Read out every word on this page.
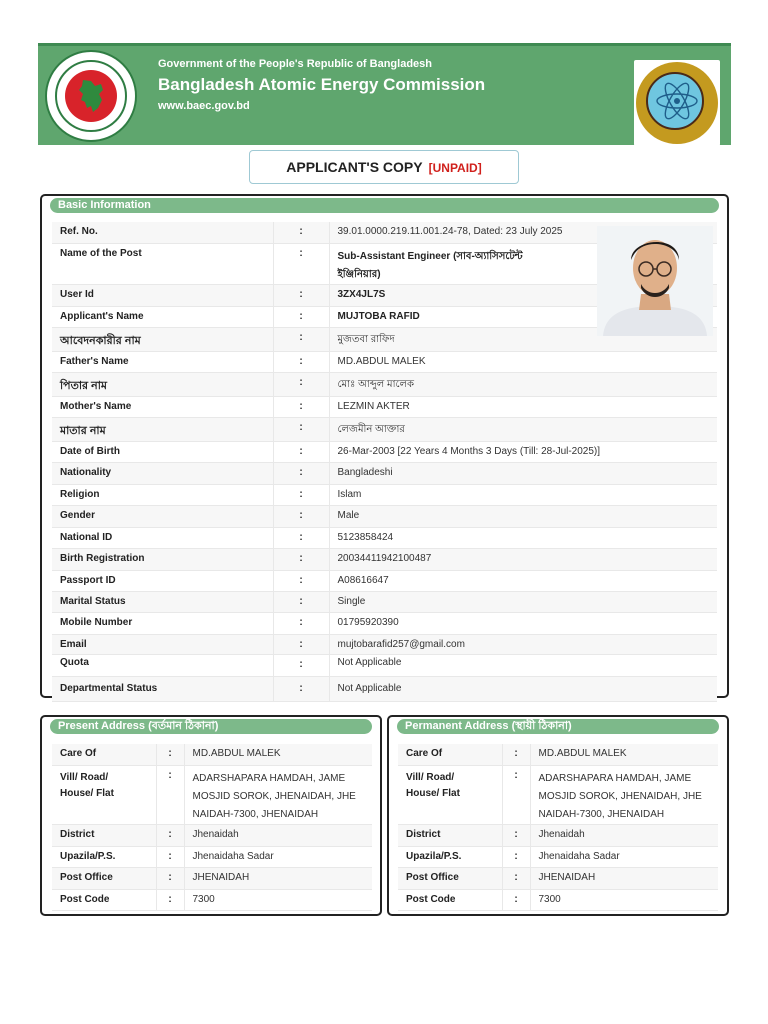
Government of the People's Republic of Bangladesh
Bangladesh Atomic Energy Commission
www.baec.gov.bd
APPLICANT'S COPY [UNPAID]
Basic Information
Ref. No.	:	39.01.0000.219.11.001.24-78, Dated: 23 July 2025
Name of the Post	:	Sub-Assistant Engineer (সাব-অ্যাসিসটেন্ট
ইঞ্জিনিয়ার)
User Id	:	3ZX4JL7S
Applicant's Name	:	MUJTOBA RAFID
আবেদনকারীর নাম	:	মুজতবা রাফিদ
Father's Name	:	MD.ABDUL MALEK
পিতার নাম	:	মোঃ আব্দুল মালেক
Mother's Name	:	LEZMIN AKTER
মাতার নাম	:	লেজমীন আক্তার
Date of Birth	:	26-Mar-2003 [22 Years 4 Months 3 Days (Till: 28-Jul-2025)]
Nationality	:	Bangladeshi
Religion	:	Islam
Gender	:	Male
National ID	:	5123858424
Birth Registration	:	20034411942100487
Passport ID	:	A08616647
Marital Status	:	Single
Mobile Number	:	01795920390
Email	:	mujtobarafid257@gmail.com
Quota	:	Not Applicable
Departmental Status	:	Not Applicable
Present Address (বর্তমান ঠিকানা)
Care Of	:	MD.ABDUL MALEK
Vill/ Road/
House/ Flat	:	ADARSHAPARA HAMDAH, JAME
MOSJID SOROK, JHENAIDAH, JHE
NAIDAH-7300, JHENAIDAH
District	:	Jhenaidah
Upazila/P.S.	:	Jhenaidaha Sadar
Post Office	:	JHENAIDAH
Post Code	:	7300
Permanent Address (স্থায়ী ঠিকানা)
Care Of	:	MD.ABDUL MALEK
Vill/ Road/
House/ Flat	:	ADARSHAPARA HAMDAH, JAME
MOSJID SOROK, JHENAIDAH, JHE
NAIDAH-7300, JHENAIDAH
District	:	Jhenaidah
Upazila/P.S.	:	Jhenaidaha Sadar
Post Office	:	JHENAIDAH
Post Code	:	7300
